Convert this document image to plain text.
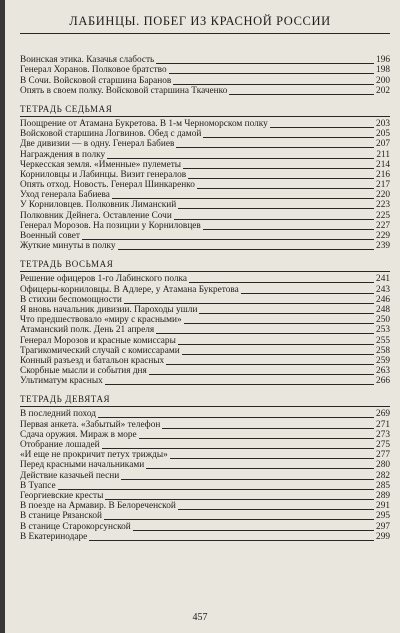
ЛАБИНЦЫ. ПОБЕГ ИЗ КРАСНОЙ РОССИИ
Воинская этика. Казачья слабость	196
Генерал Хоранов. Полковое братство	198
В Сочи. Войсковой старшина Баранов	200
Опять в своем полку. Войсковой старшина Ткаченко	202
ТЕТРАДЬ СЕДЬМАЯ
Поощрение от Атамана Букретова. В 1-м Черноморском полку	203
Войсковой старшина Логвинов. Обед с дамой	205
Две дивизии — в одну. Генерал Бабиев	207
Награждения в полку	211
Черкесская земля. «Именные» пулеметы	214
Корниловцы и Лабинцы. Визит генералов	216
Опять отход. Новость. Генерал Шинкаренко	217
Уход генерала Бабиева	220
У Корниловцев. Полковник Лиманский	223
Полковник Дейнега. Оставление Сочи	225
Генерал Морозов. На позиции у Корниловцев	227
Военный совет	229
Жуткие минуты в полку	239
ТЕТРАДЬ ВОСЬМАЯ
Решение офицеров 1-го Лабинского полка	241
Офицеры-корниловцы. В Адлере, у Атамана Букретова	243
В стихии беспомощности	246
Я вновь начальник дивизии. Пароходы ушли	248
Что предшествовало «миру с красными»	250
Атаманский полк. День 21 апреля	253
Генерал Морозов и красные комиссары	255
Трагикомический случай с комиссарами	258
Конный разъезд и батальон красных	259
Скорбные мысли и события дня	263
Ультиматум красных	266
ТЕТРАДЬ ДЕВЯТАЯ
В последний поход	269
Первая анкета. «Забытый» телефон	271
Сдача оружия. Мираж в море	273
Отобрание лошадей	275
«И еще не прокричит петух трижды»	277
Перед красными начальниками	280
Действие казачьей песни	282
В Туапсе	285
Георгиевские кресты	289
В поезде на Армавир. В Белореченской	291
В станице Рязанской	295
В станице Старокорсунской	297
В Екатеринодаре	299
457
